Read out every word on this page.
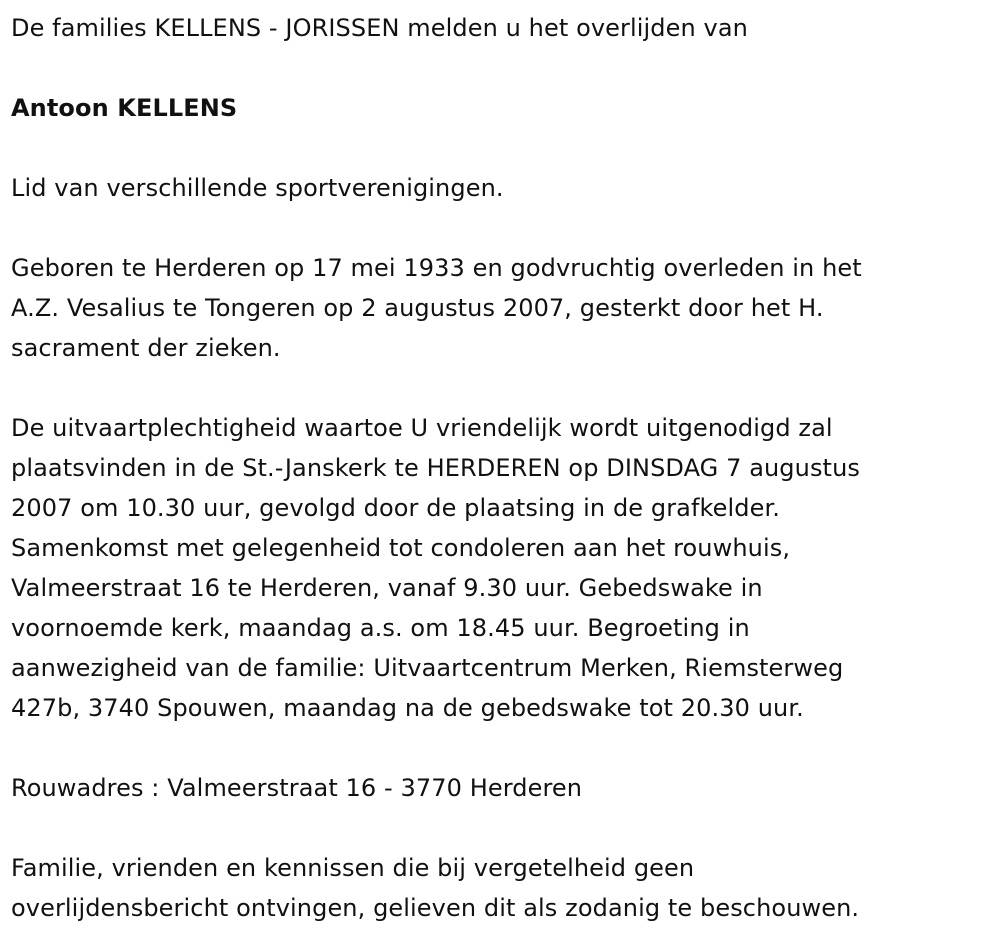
De families KELLENS - JORISSEN melden u het overlijden van

Antoon KELLENS

Lid van verschillende sportverenigingen.

Geboren te Herderen op 17 mei 1933 en godvruchtig overleden in het
A.Z. Vesalius te Tongeren op 2 augustus 2007, gesterkt door het H.
sacrament der zieken.

De uitvaartplechtigheid waartoe U vriendelijk wordt uitgenodigd zal
plaatsvinden in de St.-Janskerk te HERDEREN op DINSDAG 7 augustus
2007 om 10.30 uur, gevolgd door de plaatsing in de grafkelder.
Samenkomst met gelegenheid tot condoleren aan het rouwhuis,
Valmeerstraat 16 te Herderen, vanaf 9.30 uur. Gebedswake in
voornoemde kerk, maandag a.s. om 18.45 uur. Begroeting in
aanwezigheid van de familie: Uitvaartcentrum Merken, Riemsterweg
427b, 3740 Spouwen, maandag na de gebedswake tot 20.30 uur.

Rouwadres : Valmeerstraat 16 - 3770 Herderen

Familie, vrienden en kennissen die bij vergetelheid geen
overlijdensbericht ontvingen, gelieven dit als zodanig te beschouwen.
